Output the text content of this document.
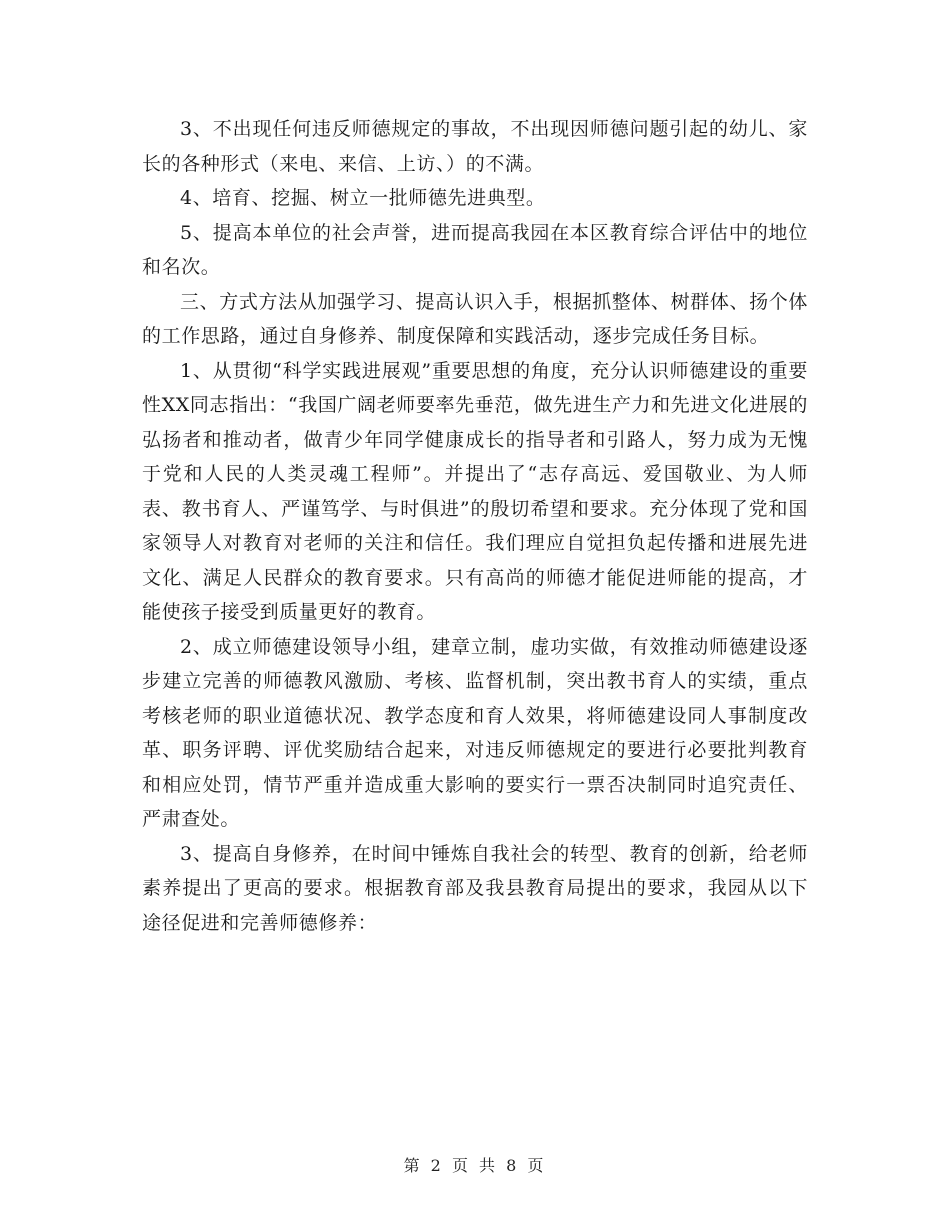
3、不出现任何违反师德规定的事故，不出现因师德问题引起的幼儿、家长的各种形式（来电、来信、上访、）的不满。

4、培育、挖掘、树立一批师德先进典型。

5、提高本单位的社会声誉，进而提高我园在本区教育综合评估中的地位和名次。

三、方式方法从加强学习、提高认识入手，根据抓整体、树群体、扬个体的工作思路，通过自身修养、制度保障和实践活动，逐步完成任务目标。

1、从贯彻“科学实践进展观”重要思想的角度，充分认识师德建设的重要性XX同志指出：“我国广阔老师要率先垂范，做先进生产力和先进文化进展的弘扬者和推动者，做青少年同学健康成长的指导者和引路人，努力成为无愧于党和人民的人类灵魂工程师”。并提出了“志存高远、爱国敬业、为人师表、教书育人、严谨笃学、与时俱进”的殷切希望和要求。充分体现了党和国家领导人对教育对老师的关注和信任。我们理应自觉担负起传播和进展先进文化、满足人民群众的教育要求。只有高尚的师德才能促进师能的提高，才能使孩子接受到质量更好的教育。

2、成立师德建设领导小组，建章立制，虚功实做，有效推动师德建设逐步建立完善的师德教风激励、考核、监督机制，突出教书育人的实绩，重点考核老师的职业道德状况、教学态度和育人效果，将师德建设同人事制度改革、职务评聘、评优奖励结合起来，对违反师德规定的要进行必要批判教育和相应处罚，情节严重并造成重大影响的要实行一票否决制同时追究责任、严肃查处。

3、提高自身修养，在时间中锤炼自我社会的转型、教育的创新，给老师素养提出了更高的要求。根据教育部及我县教育局提出的要求，我园从以下途径促进和完善师德修养：

第 2 页 共 8 页
